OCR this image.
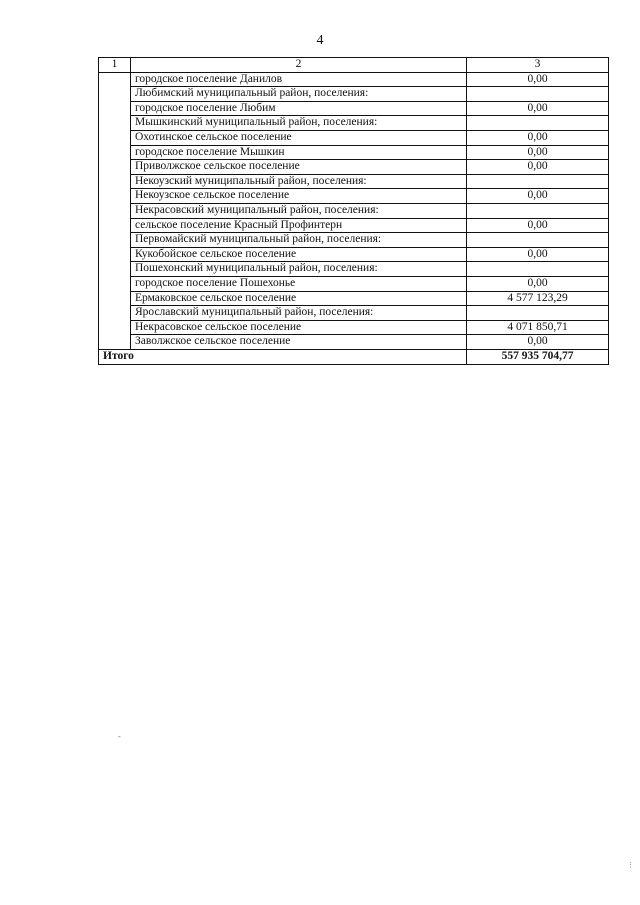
4
1	2	3
	городское поселение Данилов	0,00
	Любимский муниципальный район, поселения:	
	городское поселение Любим	0,00
	Мышкинский муниципальный район, поселения:	
	Охотинское сельское поселение	0,00
	городское поселение Мышкин	0,00
	Приволжское сельское поселение	0,00
	Некоузский муниципальный район, поселения:	
	Некоузское сельское поселение	0,00
	Некрасовский муниципальный район, поселения:	
	сельское поселение Красный Профинтерн	0,00
	Первомайский муниципальный район, поселения:	
	Кукобойское сельское поселение	0,00
	Пошехонский муниципальный район, поселения:	
	городское поселение Пошехонье	0,00
	Ермаковское сельское поселение	4 577 123,29
	Ярославский муниципальный район, поселения:	
	Некрасовское сельское поселение	4 071 850,71
	Заволжское сельское поселение	0,00
Итого		557 935 704,77
-
⋮
